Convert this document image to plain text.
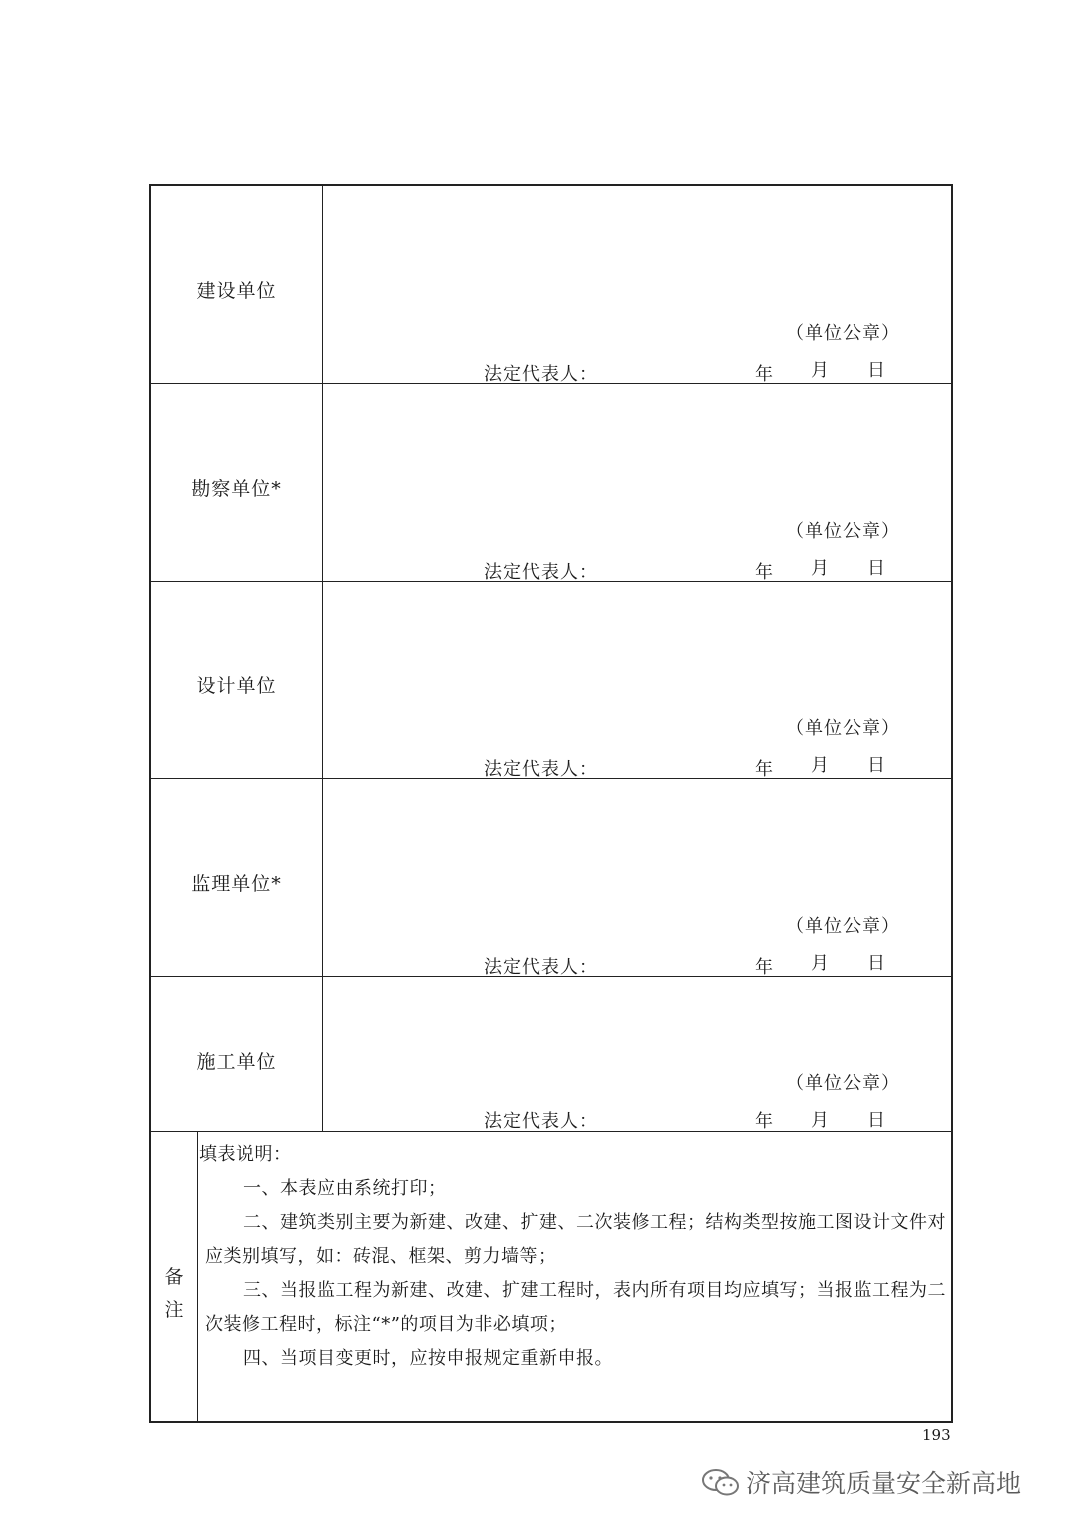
建设单位
（单位公章）
法定代表人：	年 月 日
勘察单位*
（单位公章）
法定代表人：	年 月 日
设计单位
（单位公章）
法定代表人：	年 月 日
监理单位*
（单位公章）
法定代表人：	年 月 日
施工单位
（单位公章）
法定代表人：	年 月 日
备
注
填表说明：
一、本表应由系统打印；
二、建筑类别主要为新建、改建、扩建、二次装修工程；结构类型按施工图设计文件对
应类别填写，如：砖混、框架、剪力墙等；
三、当报监工程为新建、改建、扩建工程时，表内所有项目均应填写；当报监工程为二
次装修工程时，标注“*”的项目为非必填项；
四、当项目变更时，应按申报规定重新申报。
193
济高建筑质量安全新高地
